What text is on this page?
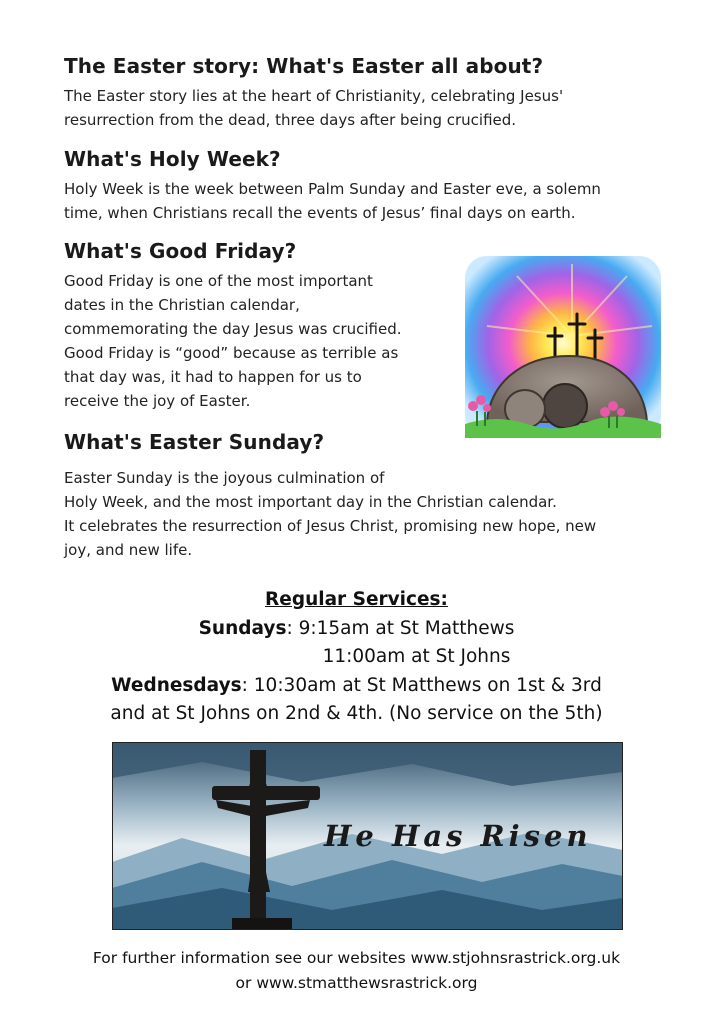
The Easter story: What's Easter all about?

The Easter story lies at the heart of Christianity, celebrating Jesus'

resurrection from the dead, three days after being crucified.

What's Holy Week?

Holy Week is the week between Palm Sunday and Easter eve, a solemn

time, when Christians recall the events of Jesus’ final days on earth.

What's Good Friday?

Good Friday is one of the most important

dates in the Christian calendar,

commemorating the day Jesus was crucified.

Good Friday is “good” because as terrible as

that day was, it had to happen for us to

receive the joy of Easter.

What's Easter Sunday?

Easter Sunday is the joyous culmination of

Holy Week, and the most important day in the Christian calendar.

It celebrates the resurrection of Jesus Christ, promising new hope, new

joy, and new life.

Regular Services:
Sundays: 9:15am at St Matthews
11:00am at St Johns
Wednesdays: 10:30am at St Matthews on 1st & 3rd
and at St Johns on 2nd & 4th. (No service on the 5th)
He Has Risen
For further information see our websites www.stjohnsrastrick.org.uk
or www.stmatthewsrastrick.org
